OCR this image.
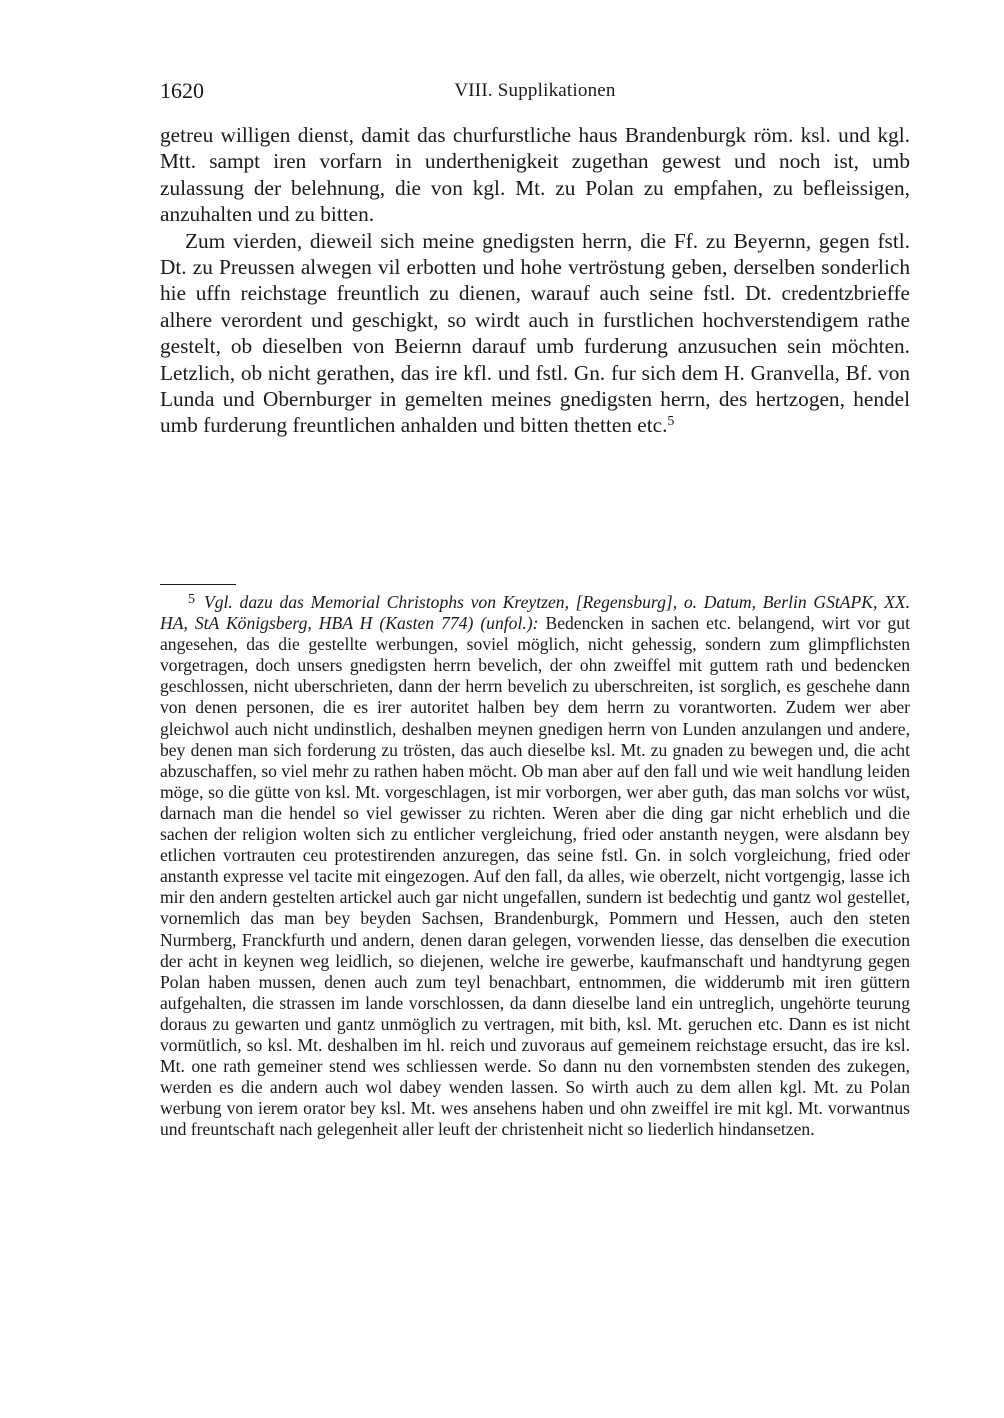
1620	VIII. Supplikationen

getreu willigen dienst, damit das churfurstliche haus Brandenburgk röm. ksl. und kgl. Mtt. sampt iren vorfarn in underthenigkeit zugethan gewest und noch ist, umb zulassung der belehnung, die von kgl. Mt. zu Polan zu empfahen, zu befleissigen, anzuhalten und zu bitten.

Zum vierden, dieweil sich meine gnedigsten herrn, die Ff. zu Beyernn, gegen fstl. Dt. zu Preussen alwegen vil erbotten und hohe vertröstung geben, derselben sonderlich hie uffn reichstage freuntlich zu dienen, warauf auch seine fstl. Dt. credentzbrieffe alhere verordent und geschigkt, so wirdt auch in furstlichen hochverstendigem rathe gestelt, ob dieselben von Beiernn darauf umb furderung anzusuchen sein möchten. Letzlich, ob nicht gerathen, das ire kfl. und fstl. Gn. fur sich dem H. Granvella, Bf. von Lunda und Obernburger in gemelten meines gnedigsten herrn, des hertzogen, hendel umb furderung freuntlichen anhalden und bitten thetten etc.$^5$

$^5$ Vgl. dazu das Memorial Christophs von Kreytzen, [Regensburg], o. Datum, Berlin GStAPK, XX. HA, StA Königsberg, HBA H (Kasten 774) (unfol.): Bedencken in sachen etc. belangend, wirt vor gut angesehen, das die gestellte werbungen, soviel möglich, nicht gehessig, sondern zum glimpflichsten vorgetragen, doch unsers gnedigsten herrn bevelich, der ohn zweiffel mit guttem rath und bedencken geschlossen, nicht uberschrieten, dann der herrn bevelich zu uberschreiten, ist sorglich, es geschehe dann von denen personen, die es irer autoritet halben bey dem herrn zu vorantworten. Zudem wer aber gleichwol auch nicht undinstlich, deshalben meynen gnedigen herrn von Lunden anzulangen und andere, bey denen man sich forderung zu trösten, das auch dieselbe ksl. Mt. zu gnaden zu bewegen und, die acht abzuschaffen, so viel mehr zu rathen haben möcht. Ob man aber auf den fall und wie weit handlung leiden möge, so die gütte von ksl. Mt. vorgeschlagen, ist mir vorborgen, wer aber guth, das man solchs vor wüst, darnach man die hendel so viel gewisser zu richten. Weren aber die ding gar nicht erheblich und die sachen der religion wolten sich zu entlicher vergleichung, fried oder anstanth neygen, were alsdann bey etlichen vortrauten ceu protestirenden anzuregen, das seine fstl. Gn. in solch vorgleichung, fried oder anstanth expresse vel tacite mit eingezogen. Auf den fall, da alles, wie oberzelt, nicht vortgengig, lasse ich mir den andern gestelten artickel auch gar nicht ungefallen, sundern ist bedechtig und gantz wol gestellet, vornemlich das man bey beyden Sachsen, Brandenburgk, Pommern und Hessen, auch den steten Nurmberg, Franckfurth und andern, denen daran gelegen, vorwenden liesse, das denselben die execution der acht in keynen weg leidlich, so diejenen, welche ire gewerbe, kaufmanschaft und handtyrung gegen Polan haben mussen, denen auch zum teyl benachbart, entnommen, die widderumb mit iren güttern aufgehalten, die strassen im lande vorschlossen, da dann dieselbe land ein untreglich, ungehörte teurung doraus zu gewarten und gantz unmöglich zu vertragen, mit bith, ksl. Mt. geruchen etc. Dann es ist nicht vormütlich, so ksl. Mt. deshalben im hl. reich und zuvoraus auf gemeinem reichstage ersucht, das ire ksl. Mt. one rath gemeiner stend wes schliessen werde. So dann nu den vornembsten stenden des zukegen, werden es die andern auch wol dabey wenden lassen. So wirth auch zu dem allen kgl. Mt. zu Polan werbung von ierem orator bey ksl. Mt. wes ansehens haben und ohn zweiffel ire mit kgl. Mt. vorwantnus und freuntschaft nach gelegenheit aller leuft der christenheit nicht so liederlich hindansetzen.
